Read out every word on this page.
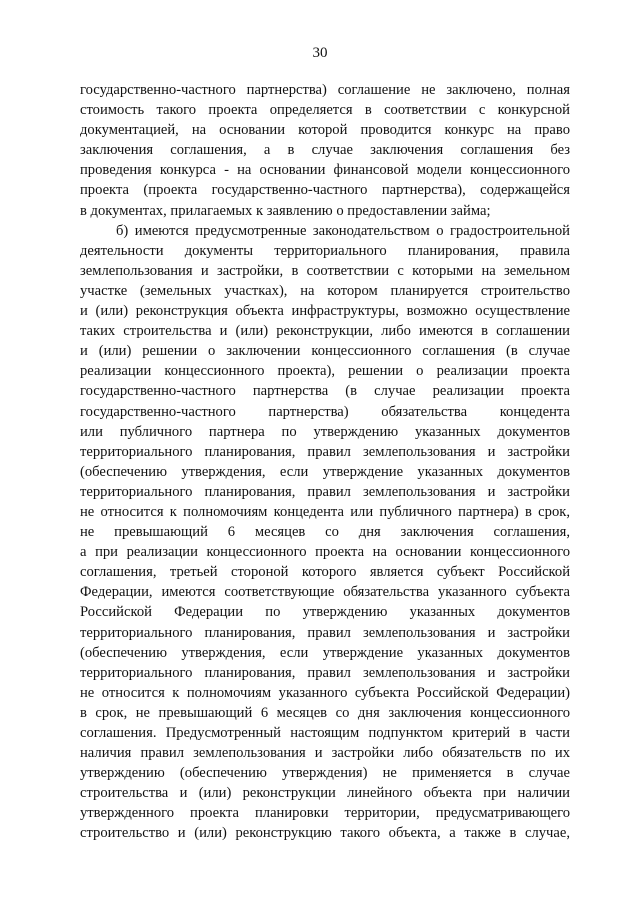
30
государственно-частного партнерства) соглашение не заключено, полная
стоимость такого проекта определяется в соответствии с конкурсной
документацией, на основании которой проводится конкурс на право
заключения соглашения, а в случае заключения соглашения без
проведения конкурса - на основании финансовой модели концессионного
проекта (проекта государственно-частного партнерства), содержащейся
в документах, прилагаемых к заявлению о предоставлении займа;
б) имеются предусмотренные законодательством о градостроительной
деятельности документы территориального планирования, правила
землепользования и застройки, в соответствии с которыми на земельном
участке (земельных участках), на котором планируется строительство
и (или) реконструкция объекта инфраструктуры, возможно осуществление
таких строительства и (или) реконструкции, либо имеются в соглашении
и (или) решении о заключении концессионного соглашения (в случае
реализации концессионного проекта), решении о реализации проекта
государственно-частного партнерства (в случае реализации проекта
государственно-частного партнерства) обязательства концедента
или публичного партнера по утверждению указанных документов
территориального планирования, правил землепользования и застройки
(обеспечению утверждения, если утверждение указанных документов
территориального планирования, правил землепользования и застройки
не относится к полномочиям концедента или публичного партнера) в срок,
не превышающий 6 месяцев со дня заключения соглашения,
а при реализации концессионного проекта на основании концессионного
соглашения, третьей стороной которого является субъект Российской
Федерации, имеются соответствующие обязательства указанного субъекта
Российской Федерации по утверждению указанных документов
территориального планирования, правил землепользования и застройки
(обеспечению утверждения, если утверждение указанных документов
территориального планирования, правил землепользования и застройки
не относится к полномочиям указанного субъекта Российской Федерации)
в срок, не превышающий 6 месяцев со дня заключения концессионного
соглашения. Предусмотренный настоящим подпунктом критерий в части
наличия правил землепользования и застройки либо обязательств по их
утверждению (обеспечению утверждения) не применяется в случае
строительства и (или) реконструкции линейного объекта при наличии
утвержденного проекта планировки территории, предусматривающего
строительство и (или) реконструкцию такого объекта, а также в случае,
